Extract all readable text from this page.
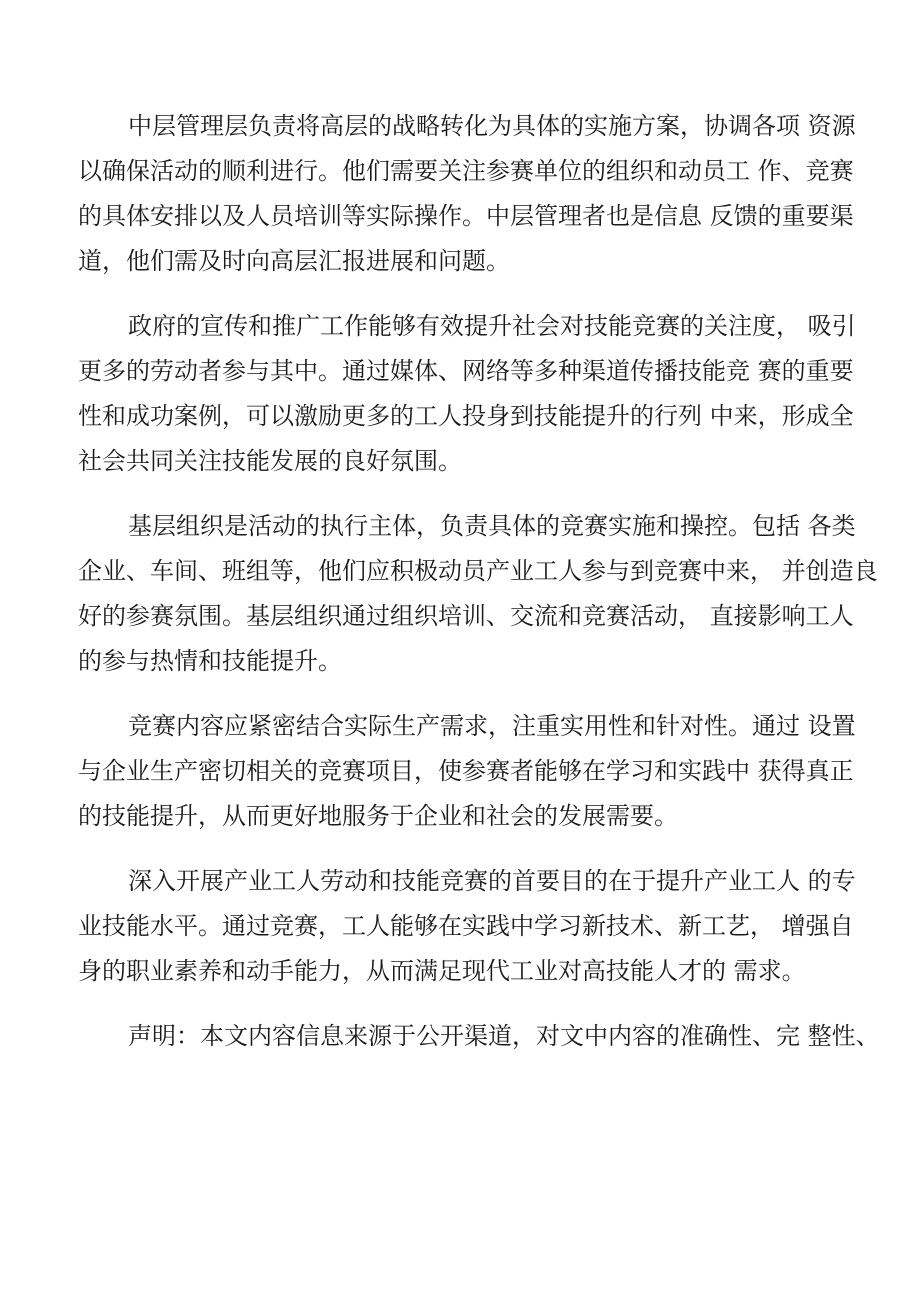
中层管理层负责将高层的战略转化为具体的实施方案，协调各项 资源
以确保活动的顺利进行。他们需要关注参赛单位的组织和动员工 作、竞赛
的具体安排以及人员培训等实际操作。中层管理者也是信息 反馈的重要渠
道，他们需及时向高层汇报进展和问题。

政府的宣传和推广工作能够有效提升社会对技能竞赛的关注度， 吸引
更多的劳动者参与其中。通过媒体、网络等多种渠道传播技能竞 赛的重要
性和成功案例，可以激励更多的工人投身到技能提升的行列 中来，形成全
社会共同关注技能发展的良好氛围。

基层组织是活动的执行主体，负责具体的竞赛实施和操控。包括 各类
企业、车间、班组等，他们应积极动员产业工人参与到竞赛中来， 并创造良
好的参赛氛围。基层组织通过组织培训、交流和竞赛活动， 直接影响工人
的参与热情和技能提升。

竞赛内容应紧密结合实际生产需求，注重实用性和针对性。通过 设置
与企业生产密切相关的竞赛项目，使参赛者能够在学习和实践中 获得真正
的技能提升，从而更好地服务于企业和社会的发展需要。

深入开展产业工人劳动和技能竞赛的首要目的在于提升产业工人 的专
业技能水平。通过竞赛，工人能够在实践中学习新技术、新工艺， 增强自
身的职业素养和动手能力，从而满足现代工业对高技能人才的 需求。

声明：本文内容信息来源于公开渠道，对文中内容的准确性、完 整性、
